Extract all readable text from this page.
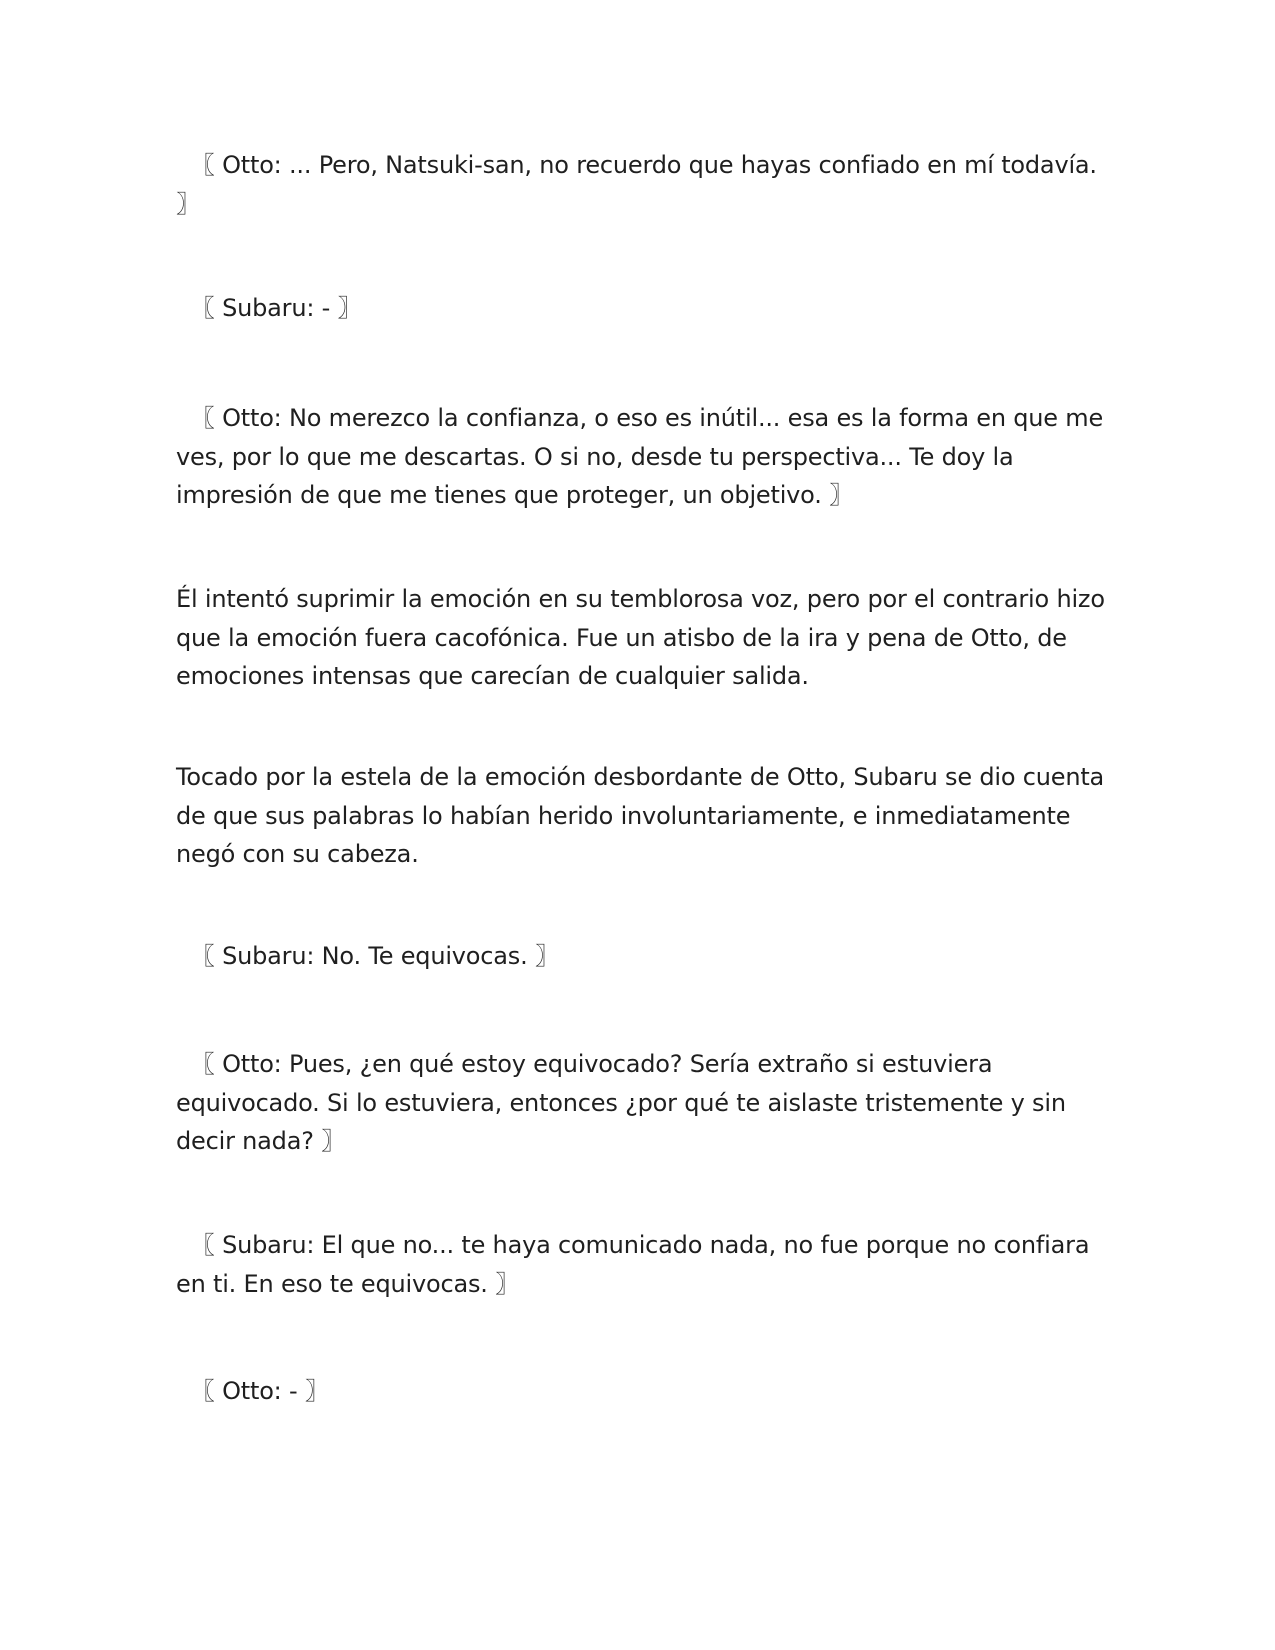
〖 Otto: ... Pero, Natsuki-san, no recuerdo que hayas confiado en mí todavía. 〗

〖 Subaru: - 〗

〖 Otto: No merezco la confianza, o eso es inútil... esa es la forma en que me ves, por lo que me descartas. O si no, desde tu perspectiva... Te doy la impresión de que me tienes que proteger, un objetivo. 〗

Él intentó suprimir la emoción en su temblorosa voz, pero por el contrario hizo que la emoción fuera cacofónica. Fue un atisbo de la ira y pena de Otto, de emociones intensas que carecían de cualquier salida.

Tocado por la estela de la emoción desbordante de Otto, Subaru se dio cuenta de que sus palabras lo habían herido involuntariamente, e inmediatamente negó con su cabeza.

〖 Subaru: No. Te equivocas. 〗

〖 Otto: Pues, ¿en qué estoy equivocado? Sería extraño si estuviera equivocado. Si lo estuviera, entonces ¿por qué te aislaste tristemente y sin decir nada? 〗

〖 Subaru: El que no... te haya comunicado nada, no fue porque no confiara en ti. En eso te equivocas. 〗

〖 Otto: - 〗
